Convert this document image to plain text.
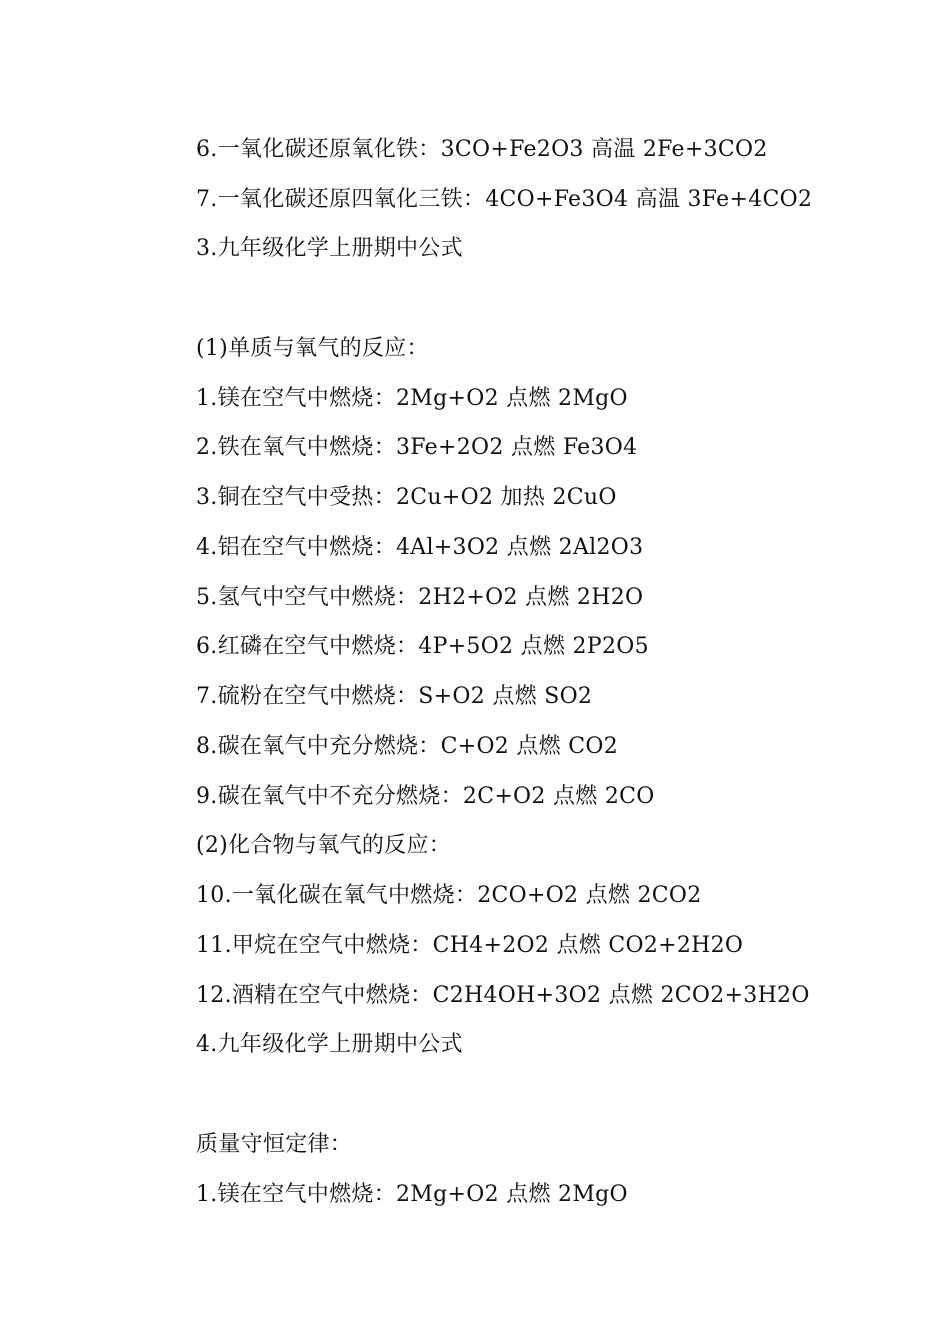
6.一氧化碳还原氧化铁：3CO+Fe2O3 高温 2Fe+3CO2
7.一氧化碳还原四氧化三铁：4CO+Fe3O4 高温 3Fe+4CO2
3.九年级化学上册期中公式
(1)单质与氧气的反应：
1.镁在空气中燃烧：2Mg+O2 点燃 2MgO
2.铁在氧气中燃烧：3Fe+2O2 点燃 Fe3O4
3.铜在空气中受热：2Cu+O2 加热 2CuO
4.铝在空气中燃烧：4Al+3O2 点燃 2Al2O3
5.氢气中空气中燃烧：2H2+O2 点燃 2H2O
6.红磷在空气中燃烧：4P+5O2 点燃 2P2O5
7.硫粉在空气中燃烧：S+O2 点燃 SO2
8.碳在氧气中充分燃烧：C+O2 点燃 CO2
9.碳在氧气中不充分燃烧：2C+O2 点燃 2CO
(2)化合物与氧气的反应：
10.一氧化碳在氧气中燃烧：2CO+O2 点燃 2CO2
11.甲烷在空气中燃烧：CH4+2O2 点燃 CO2+2H2O
12.酒精在空气中燃烧：C2H4OH+3O2 点燃 2CO2+3H2O
4.九年级化学上册期中公式
质量守恒定律：
1.镁在空气中燃烧：2Mg+O2 点燃 2MgO
